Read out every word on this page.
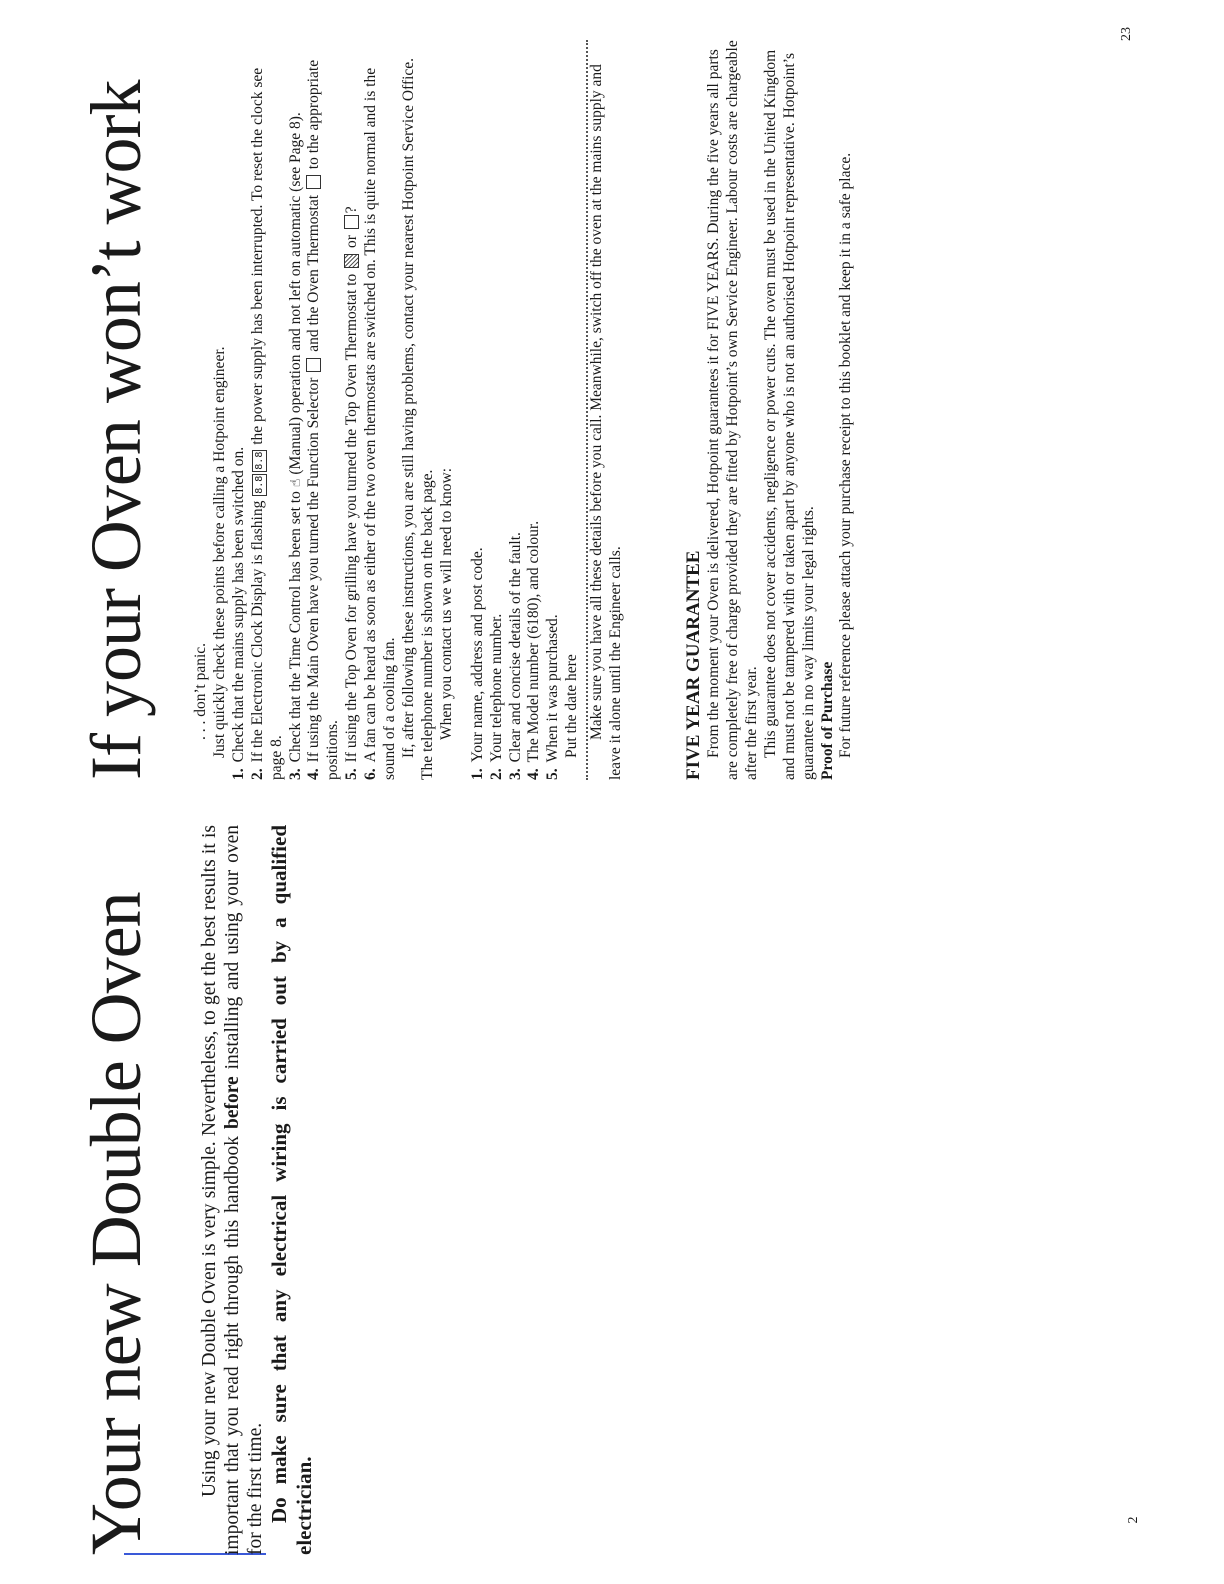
2
23
Your new Double Oven Using your new Double Oven is very simple. Nevertheless, to get the best results it is important that you read right through this handbook before installing and using your oven for the first time. Do make sure that any electrical wiring is carried out by a qualified electrician.

If your Oven won’t work . . . don’t panic. Just quickly check these points before calling a Hotpoint engineer.

1.Check that the mains supply has been switched on.

2.If the Electronic Clock Display is flashing 8.88.8 the power supply has been interrupted. To reset the clock see page 8. 3.Check that the Time Control has been set to☝(Manual) operation and not left on automatic (see Page 8).

4.If using the Main Oven have you turned the Function Selector  and the Oven Thermostat  to the appropriate positions. 5.If using the Top Oven for grilling have you turned the Top Oven Thermostat to  or ?

6.A fan can be heard as soon as either of the two oven thermostats are switched on. This is quite normal and is the sound of a cooling fan. If, after following these instructions, you are still having problems, contact your nearest Hotpoint Service Office. The telephone number is shown on the back page. When you contact us we will need to know:

1.Your name, address and post code.

2.Your telephone number.

3.Clear and concise details of the fault.

4.The Model number (6180), and colour.

5.When it was purchased. Put the date here Make sure you have all these details before you call. Meanwhile, switch off the oven at the mains supply and leave it alone until the Engineer calls.	FIVE YEAR GUARANTEE From the moment your Oven is delivered, Hotpoint guarantees it for FIVE YEARS. During the five years all parts are completely free of charge provided they are fitted by Hotpoint’s own Service Engineer. Labour costs are chargeable after the first year. This guarantee does not cover accidents, negligence or power cuts. The oven must be used in the United Kingdom and must not be tampered with or taken apart by anyone who is not an authorised Hotpoint representative. Hotpoint’s guarantee in no way limits your legal rights. Proof of Purchase For future reference please attach your purchase receipt to this booklet and keep it in a safe place.
